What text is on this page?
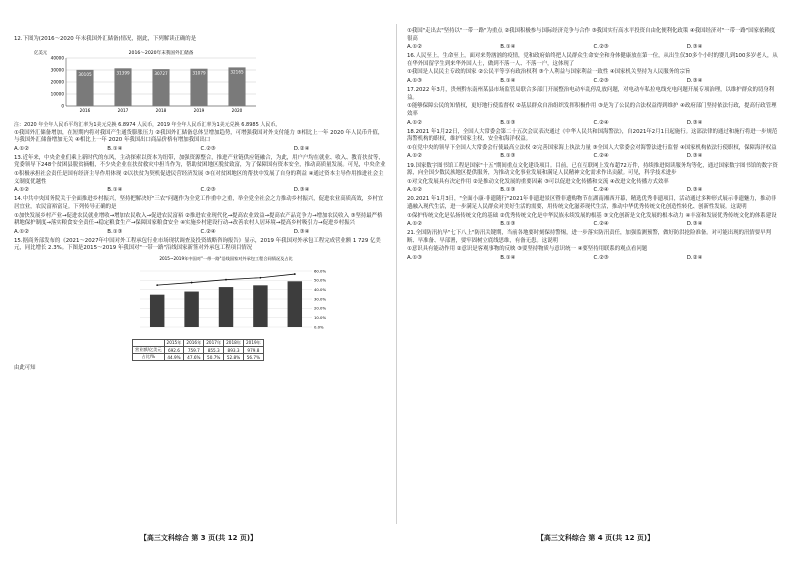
12.下图为(2016～2020 年末我国外汇储备)情况，据此，下列解读正确的是

2016～2020年末我国外汇储备
亿美元
0
10000
20000
30000
40000
30105
2016
31399
2017
30727
2018
31079
2019
32165
2020

注：2020 年全年人民币平均汇率为1美元兑换 6.8974 人民币，2019 年全年人民币汇率为1美元兑换 6.8985 人民币。

①我国外汇储备增加，在短期内将对我国产生通货膨胀压力 ②我国外汇储备总体呈增加趋势，可增强我国对外支付能力 ③相比上一年 2020 年人民币升值，与我国外汇储备增加无关 ④相比上一年 2020 年我国出口商品价格有增加我国出口

A.①②	B.①④	C.②③	D.②④

13.近年来，中央企业们乘上新时代的东风，主动探索以资本为纽带，加强资源整合，推进产业链供应链融合，为此，用户户均在就业、收入、教育扶贫等，党委领导下248个贫困县脱贫摘帽，不少央企业在扶贫救灾中担当作为，帮助贫困地区脱贫致富，为了保障国有资本安全，推动高质量发展。可见，中央企业

①积极承担社会责任是国有经济主导作用体现 ②以扶贫为契机促进民营经济发展 ③在对贫困地区的帮扶中发展了自身的利益 ④通过资本主导作用推进社会主义制度优越性

A.①②	B.①④	C.②③	D.③④

14.中共中央国务院关于全面推进乡村振兴，坚持把解决好"三农"问题作为全党工作重中之重，举全党全社会之力推动乡村振兴，促进农业高质高效，乡村宜居宜业，农民富裕富足。下列传导正确的是

①加快发展乡村产业→促进农民就业增收→增加农民收入→促进农民富裕 ②推进农业现代化→提高农业效益→提高农产品竞争力→增加农民收入 ③坚持最严格耕地保护制度→落实粮食安全责任→稳定粮食生产→保障国家粮食安全 ④实施乡村建设行动→改善农村人居环境→提高乡村吸引力→促进乡村振兴

A.①②	B.①③	C.②④	D.③④

15.据商务部发布的《2021～2027年中国对外工程承包行业市场现状调查及投资战略咨询报告》显示，2019 年我国对外承包工程完成营业额 1 729 亿美元，同比增长 2.3%。下图是2015～2019 年我国对"一带一路"沿线国家新签对外承包工程项目情况

2015~2019年中国对"一带一路"沿线国家对外承包工程合同情况及占比
0.0%
10.0%
20.0%
30.0%
40.0%
50.0%
60.0%
	2015年	2016年	2017年	2018年	2019年
营业额/亿美元	692.6	759.7	855.3	893.3	979.8
占比/%	44.9%	47.6%	50.7%	52.8%	56.7%

由此可知

【高三文科综合 第 3 页(共 12 页)】

①我国"走出去"坚持以"一带一路"为重点 ②我国积极参与国际经济竞争与合作 ③我国实行高水平投资自由化便利化政策 ④我国经济对"一带一路"国家依赖度很高

A.①②	B.①④	C.②③	D.③④

16.人民至上，生命至上，面对来势汹汹的疫情，党和政府始终把人民群众生命安全和身体健康放在第一位，从出生仅30多个小时的婴儿到100多岁老人，从在华外国留学生到来华外国人士，做到不落一人、不落一户，这体现了

①我国是人民民主专政的国家 ②公民平等享有政治权利 ③个人利益与国家利益一致性 ④国家机关坚持为人民服务的宗旨

A.①③	B.①④	C.②③	D.③④

17.2022 年3月，贵州黔东南州某县市场监管局联合多部门开展整治电动车乱停乱放问题，对电动车私拉电线充电问题开展专项治理，以维护群众的切身利益。

①能够保障公民的知情权，更好地行使监督权 ②基层群众自治组织发挥积极作用 ③是为了公民的合法权益得到维护 ④政府部门坚持依法行政，提高行政管理效率

A.①②	B.①③	C.②④	D.③④

18.2021 年1月22日，全国人大常委会第二十五次会议表决通过《中华人民共和国海警法》，自2021年2月1日起施行。这部法律的通过和施行将进一步规范海警机构的职权，维护国家主权、安全和海洋权益。

①在党中央的领导下全国人大常委会行使最高立法权 ②完善国家海上执法力量 ③全国人大常委会对海警法进行监督 ④国家机构依法行使职权，保障海洋权益

A.①②	B.①③	C.②④	D.③④

19.国家数字图书馆工程是国家"十五"期间重点文化建设项目。目前，已在互联网上发布超72万件，持续推进阅读服务均等化，通过国家数字图书馆的数字资源，向全国少数民族地区提供服务，为推动文化事业发展和满足人民精神文化需求作出贡献。可见，科学技术进步

①对文化发展具有决定作用 ②是推动文化发展的重要因素 ③可以促进文化传播和交流 ④改进文化传播方式效率

A.①②	B.①③	C.②④	D.③④

20.2021 年1月3日，"全面小康·非遗随行"2021年非遗进景区暨非遗购物节在湖南湘西开幕，精选优秀非遗项目，活动通过多种形式展示非遗魅力，推动非遗融入现代生活，进一步满足人民群众对美好生活的需要，用传统文化滋养现代生活，推动中华优秀传统文化创造性转化、创新性发展。这说明

①保护传统文化是弘扬传统文化的基础 ②优秀传统文化是中华民族永续发展的根基 ③文化创新是文化发展的根本动力 ④丰富和发展优秀传统文化的体系建设

A.①②	B.①③	C.②④	D.③④

21.全国防汛抗旱"七下八上"防汛关键期，当前各地要时刻保持警惕，进一步落实防汛责任，加强监测预警，做好防洪抢险准备。对可能出现的汛情要早判断、早准备、早部署，要牢固树立底线思维，有备无患。这说明

①意识具有能动作用 ②意识是客观事物的反映 ③要坚持物质与意识统一 ④要坚持用联系的观点看问题

A.①③	B.①④	C.②③	D.②④
【高三文科综合 第 4 页(共 12 页)】
